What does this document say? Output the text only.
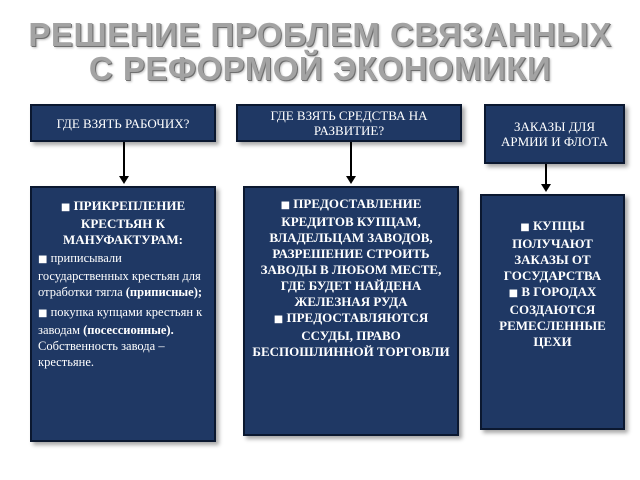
РЕШЕНИЕ ПРОБЛЕМ СВЯЗАННЫХ
С РЕФОРМОЙ ЭКОНОМИКИ
ГДЕ ВЗЯТЬ РАБОЧИХ?	ГДЕ ВЗЯТЬ СРЕДСТВА НА РАЗВИТИЕ?	ЗАКАЗЫ ДЛЯ АРМИИ И ФЛОТА
■ ПРИКРЕПЛЕНИЕ КРЕСТЬЯН К МАНУФАКТУРАМ:
■ приписывали государственных крестьян для отработки тягла (приписные);
■ покупка купцами крестьян к заводам (посессионные). Собственность завода – крестьяне.
■ ПРЕДОСТАВЛЕНИЕ КРЕДИТОВ КУПЦАМ, ВЛАДЕЛЬЦАМ ЗАВОДОВ, РАЗРЕШЕНИЕ СТРОИТЬ ЗАВОДЫ В ЛЮБОМ МЕСТЕ, ГДЕ БУДЕТ НАЙДЕНА ЖЕЛЕЗНАЯ РУДА
■ ПРЕДОСТАВЛЯЮТСЯ ССУДЫ, ПРАВО БЕСПОШЛИННОЙ ТОРГОВЛИ
■ КУПЦЫ ПОЛУЧАЮТ ЗАКАЗЫ ОТ ГОСУДАРСТВА
■ В ГОРОДАХ СОЗДАЮТСЯ РЕМЕСЛЕННЫЕ ЦЕХИ
